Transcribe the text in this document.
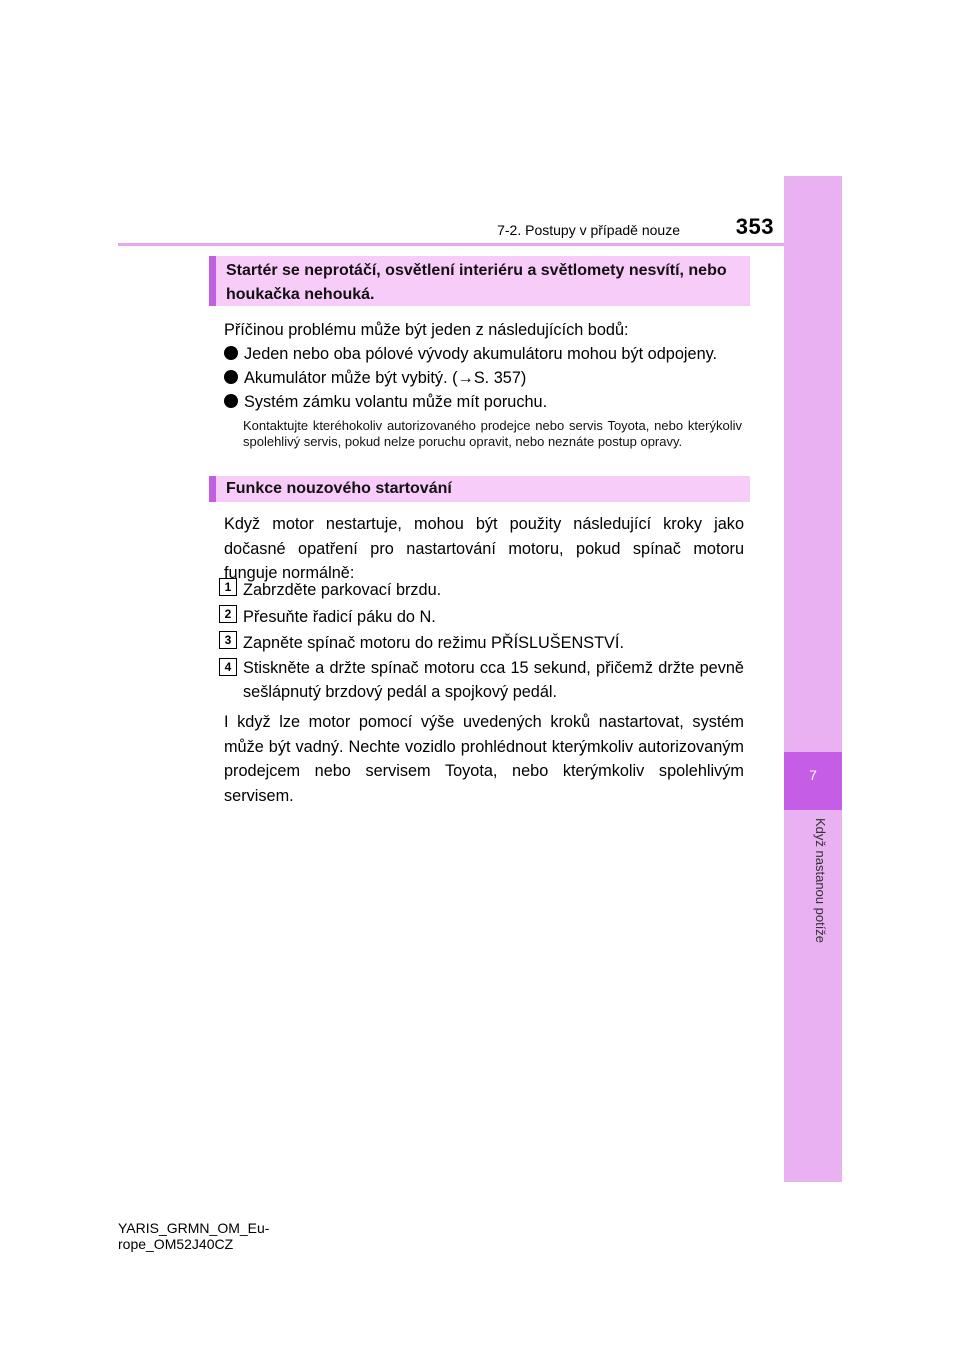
7
Když nastanou potíže
7-2. Postupy v případě nouze	353
Startér se neprotáčí, osvětlení interiéru a světlomety nesvítí, nebo
houkačka nehouká.
Příčinou problému může být jeden z následujících bodů:
Jeden nebo oba pólové vývody akumulátoru mohou být odpojeny.
Akumulátor může být vybitý. (→S. 357)
Systém zámku volantu může mít poruchu.
Kontaktujte kteréhokoliv autorizovaného prodejce nebo servis Toyota, nebo kterýkoliv spolehlivý servis, pokud nelze poruchu opravit, nebo neznáte postup opravy.
Funkce nouzového startování
Když motor nestartuje, mohou být použity následující kroky jako dočasné opatření pro nastartování motoru, pokud spínač motoru funguje normálně:
1 Zabrzděte parkovací brzdu.
2 Přesuňte řadicí páku do N.
3 Zapněte spínač motoru do režimu PŘÍSLUŠENSTVÍ.
4 Stiskněte a držte spínač motoru cca 15 sekund, přičemž držte pevně sešlápnutý brzdový pedál a spojkový pedál.
I když lze motor pomocí výše uvedených kroků nastartovat, systém může být vadný. Nechte vozidlo prohlédnout kterýmkoliv autorizovaným prodejcem nebo servisem Toyota, nebo kterýmkoliv spolehlivým servisem.
YARIS_GRMN_OM_Eu-
rope_OM52J40CZ
